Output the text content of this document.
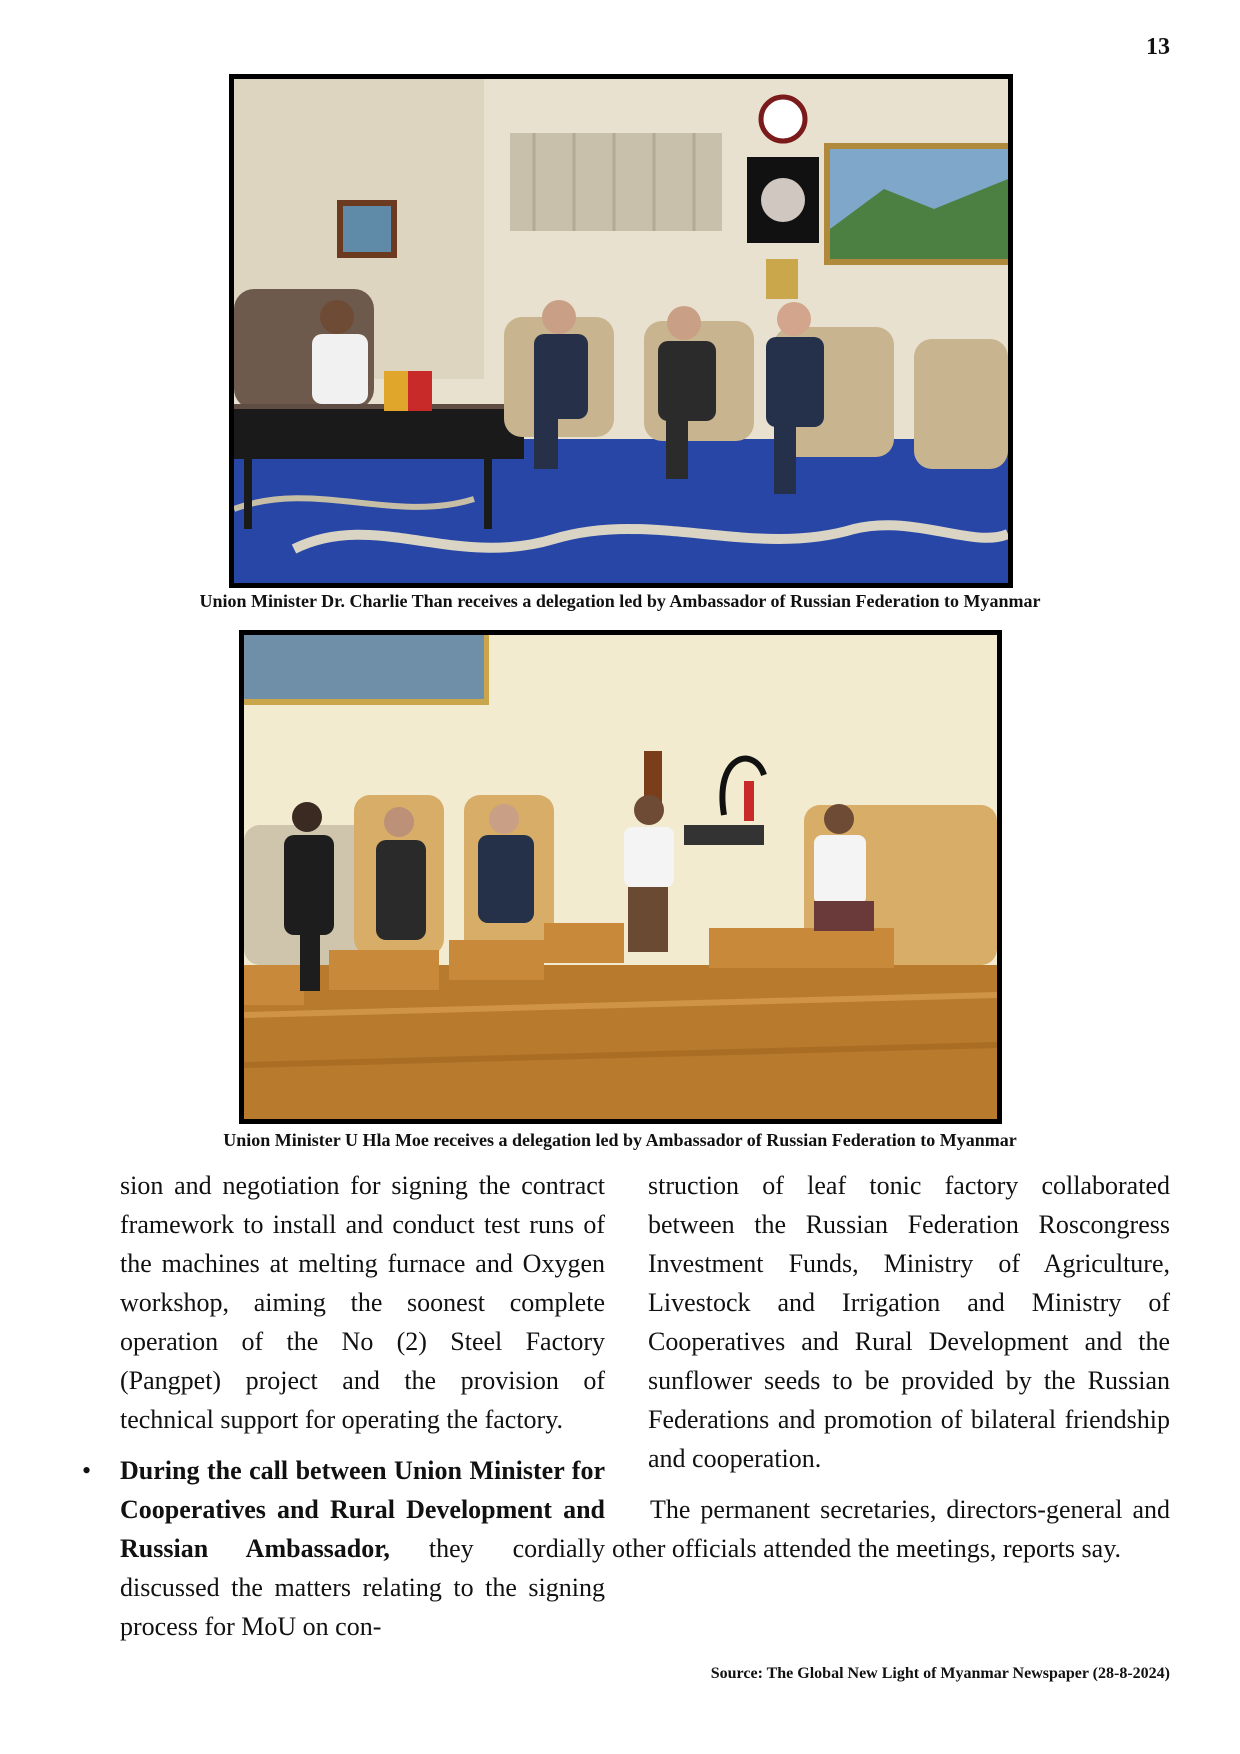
13
Union Minister Dr. Charlie Than receives a delegation led by Ambassador of Russian Federation to Myanmar
Union Minister U Hla Moe receives a delegation led by Ambassador of Russian Federation to Myanmar

sion and negotiation for signing the contract framework to install and conduct test runs of the machines at melting furnace and Oxygen workshop, aiming the soonest complete operation of the No (2) Steel Factory (Pangpet) project and the provision of technical support for operating the factory.

• During the call between Union Minister for Cooperatives and Rural Development and Russian Ambassador, they cordially discussed the matters relating to the signing process for MoU on con-

struction of leaf tonic factory collaborated between the Russian Federation Roscongress Investment Funds, Ministry of Agriculture, Livestock and Irrigation and Ministry of Cooperatives and Rural Development and the sunflower seeds to be provided by the Russian Federations and promotion of bilateral friendship and cooperation.

The permanent secretaries, directors-general and other officials attended the meetings, reports say.

Source: The Global New Light of Myanmar Newspaper (28-8-2024)
